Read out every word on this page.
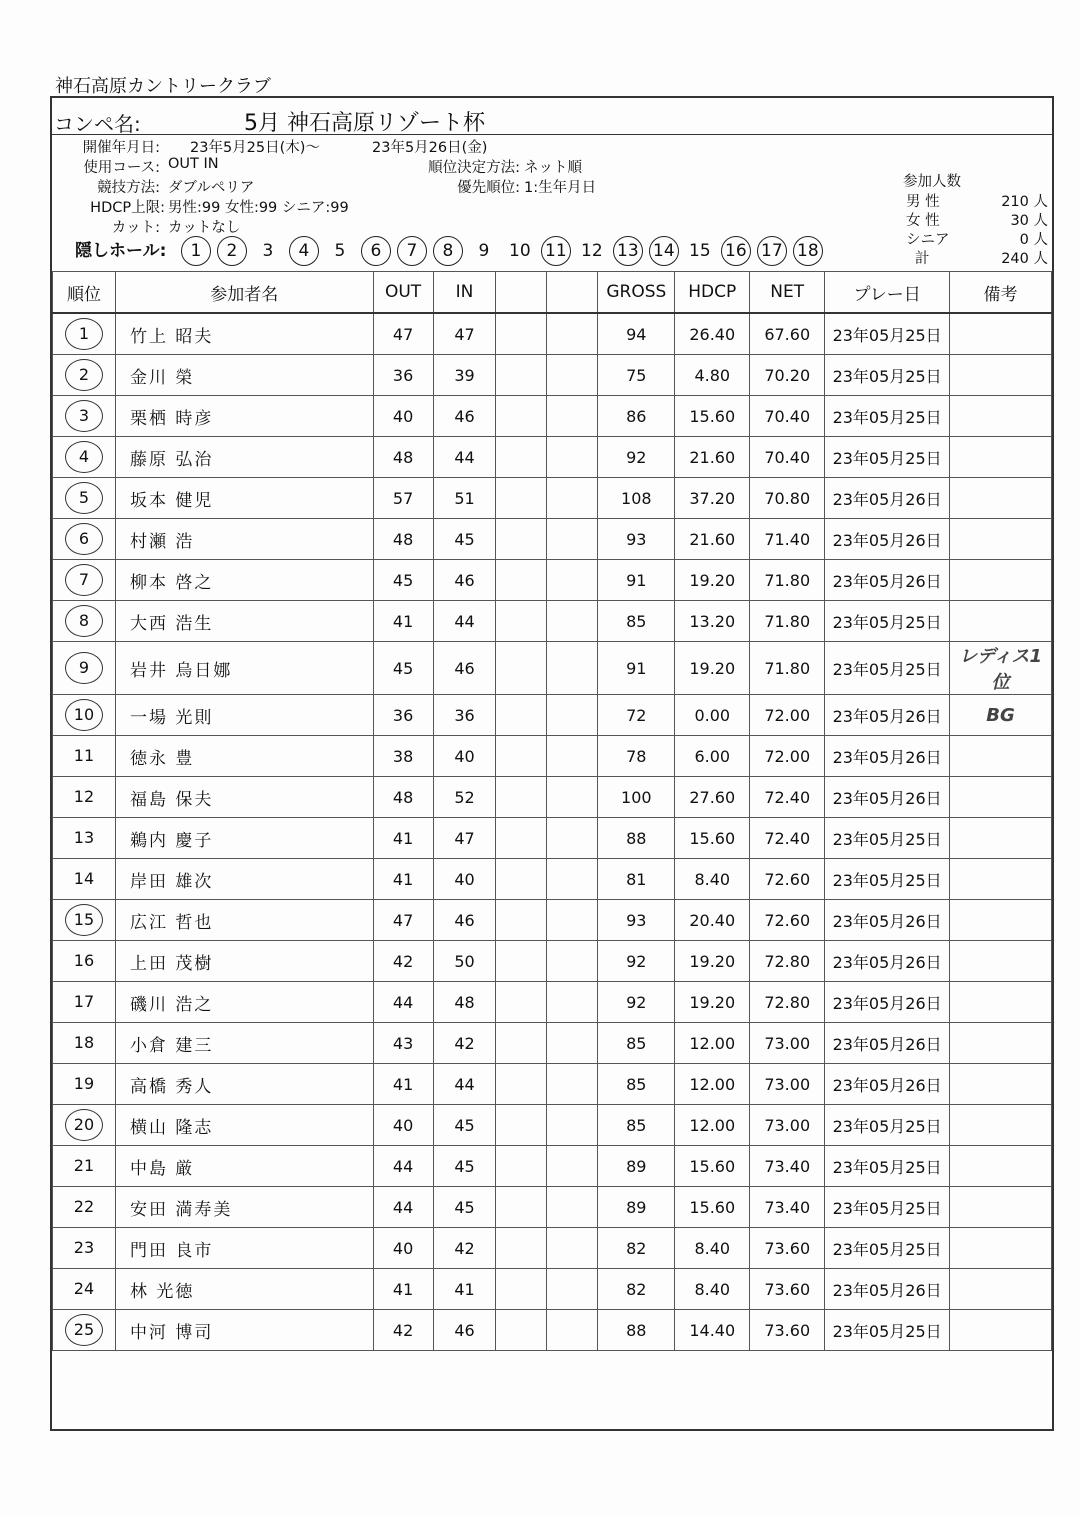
神石高原カントリークラブ
コンペ名:	5月 神石高原リゾート杯
開催年月日: 23年5月25日(木)～	23年5月26日(金)
使用コース: OUT IN
競技方法: ダブルペリア
HDCP上限: 男性:99 女性:99 シニア:99
カット: カットなし
順位決定方法: ネット順
優先順位: 1:生年月日	参加人数
男 性	210 人
女 性	30 人
シニア	0 人
計	240 人
隠しホール: 1 2 3 4 5 6 7 8 9 10 11 12 13 14 15 16 17 18
順位	参加者名	OUT	IN			GROSS	HDCP	NET	プレー日	備考
1	竹上 昭夫	47	47			94	26.40	67.60	23年05月25日	
2	金川 榮	36	39			75	4.80	70.20	23年05月25日	
3	栗栖 時彦	40	46			86	15.60	70.40	23年05月25日	
4	藤原 弘治	48	44			92	21.60	70.40	23年05月25日	
5	坂本 健児	57	51			108	37.20	70.80	23年05月26日	
6	村瀬 浩	48	45			93	21.60	71.40	23年05月26日	
7	柳本 啓之	45	46			91	19.20	71.80	23年05月26日	
8	大西 浩生	41	44			85	13.20	71.80	23年05月25日	
9	岩井 烏日娜	45	46			91	19.20	71.80	23年05月25日	レディス1位
10	一場 光則	36	36			72	0.00	72.00	23年05月26日	BG
11	徳永 豊	38	40			78	6.00	72.00	23年05月26日	
12	福島 保夫	48	52			100	27.60	72.40	23年05月26日	
13	鵜内 慶子	41	47			88	15.60	72.40	23年05月25日	
14	岸田 雄次	41	40			81	8.40	72.60	23年05月25日	
15	広江 哲也	47	46			93	20.40	72.60	23年05月26日	
16	上田 茂樹	42	50			92	19.20	72.80	23年05月26日	
17	磯川 浩之	44	48			92	19.20	72.80	23年05月26日	
18	小倉 建三	43	42			85	12.00	73.00	23年05月26日	
19	高橋 秀人	41	44			85	12.00	73.00	23年05月26日	
20	横山 隆志	40	45			85	12.00	73.00	23年05月25日	
21	中島 厳	44	45			89	15.60	73.40	23年05月25日	
22	安田 満寿美	44	45			89	15.60	73.40	23年05月25日	
23	門田 良市	40	42			82	8.40	73.60	23年05月25日	
24	林 光徳	41	41			82	8.40	73.60	23年05月26日	
25	中河 博司	42	46			88	14.40	73.60	23年05月25日	
